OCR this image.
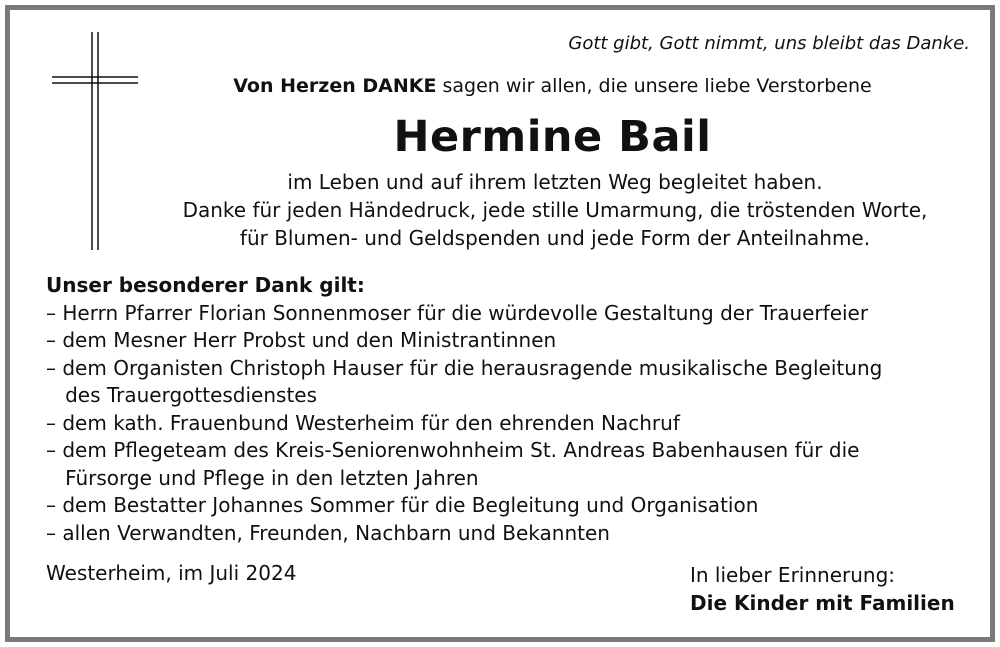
Gott gibt, Gott nimmt, uns bleibt das Danke.
Von Herzen DANKE sagen wir allen, die unsere liebe Verstorbene
Hermine Bail
im Leben und auf ihrem letzten Weg begleitet haben.
Danke für jeden Händedruck, jede stille Umarmung, die tröstenden Worte,
für Blumen- und Geldspenden und jede Form der Anteilnahme.
Unser besonderer Dank gilt:
– Herrn Pfarrer Florian Sonnenmoser für die würdevolle Gestaltung der Trauerfeier
– dem Mesner Herr Probst und den Ministrantinnen
– dem Organisten Christoph Hauser für die herausragende musikalische Begleitung
des Trauergottesdienstes
– dem kath. Frauenbund Westerheim für den ehrenden Nachruf
– dem Pflegeteam des Kreis-Seniorenwohnheim St. Andreas Babenhausen für die
Fürsorge und Pflege in den letzten Jahren
– dem Bestatter Johannes Sommer für die Begleitung und Organisation
– allen Verwandten, Freunden, Nachbarn und Bekannten
Westerheim, im Juli 2024	In lieber Erinnerung:
Die Kinder mit Familien
